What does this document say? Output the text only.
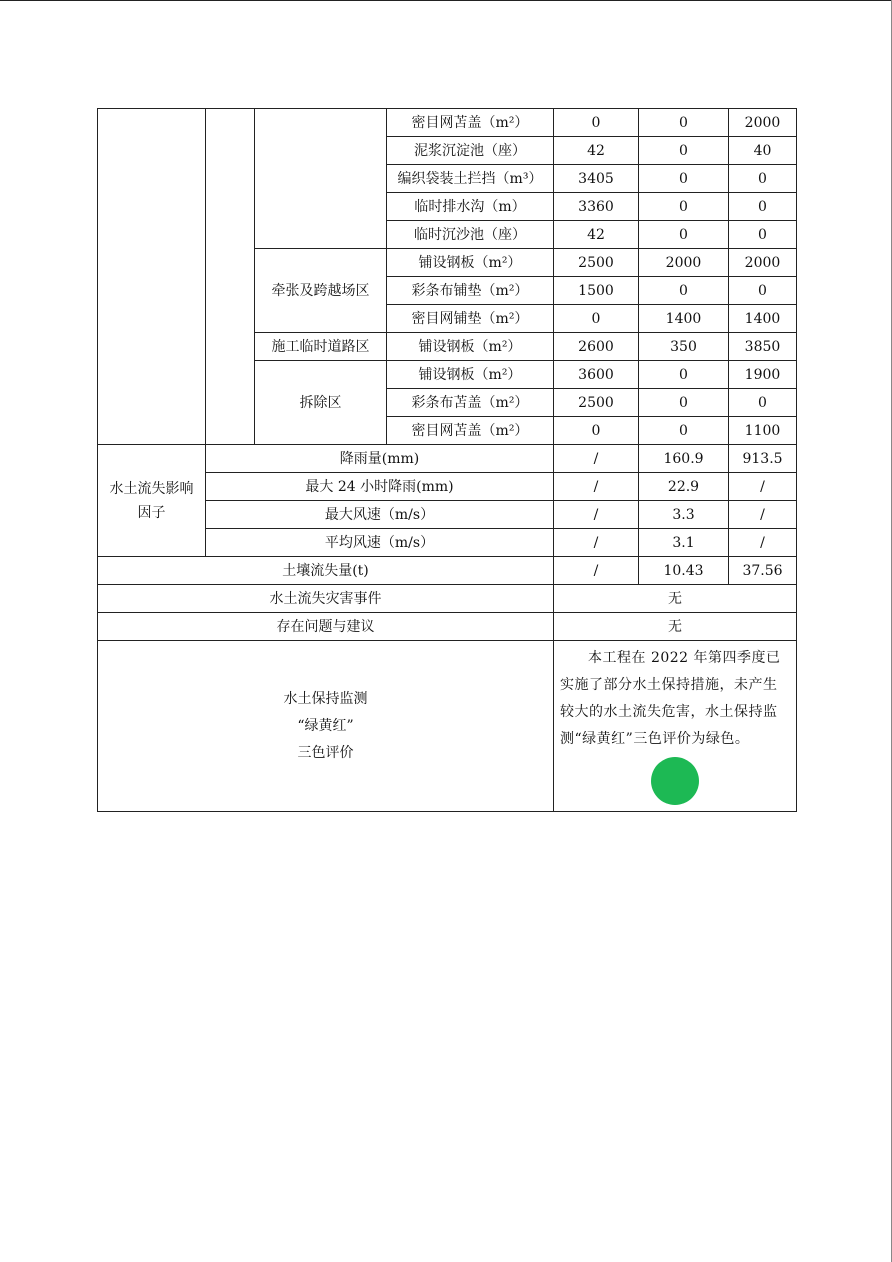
			密目网苫盖（m²）	0	0	2000
			泥浆沉淀池（座）	42	0	40
			编织袋装土拦挡（m³）	3405	0	0
			临时排水沟（m）	3360	0	0
			临时沉沙池（座）	42	0	0
		牵张及跨越场区	铺设钢板（m²）	2500	2000	2000
			彩条布铺垫（m²）	1500	0	0
			密目网铺垫（m²）	0	1400	1400
		施工临时道路区	铺设钢板（m²）	2600	350	3850
		拆除区	铺设钢板（m²）	3600	0	1900
			彩条布苫盖（m²）	2500	0	0
			密目网苫盖（m²）	0	0	1100
水土流失影响因子	降雨量(mm)	/	160.9	913.5
	最大 24 小时降雨(mm)	/	22.9	/
	最大风速（m/s）	/	3.3	/
	平均风速（m/s）	/	3.1	/
土壤流失量(t)		/	10.43	37.56
水土流失灾害事件		无		
存在问题与建议		无		

水土保持监测
“绿黄红”
三色评价		本工程在 2022 年第四季度已实施了部分水土保持措施，未产生较大的水土流失危害，水土保持监测“绿黄红”三色评价为绿色。		
